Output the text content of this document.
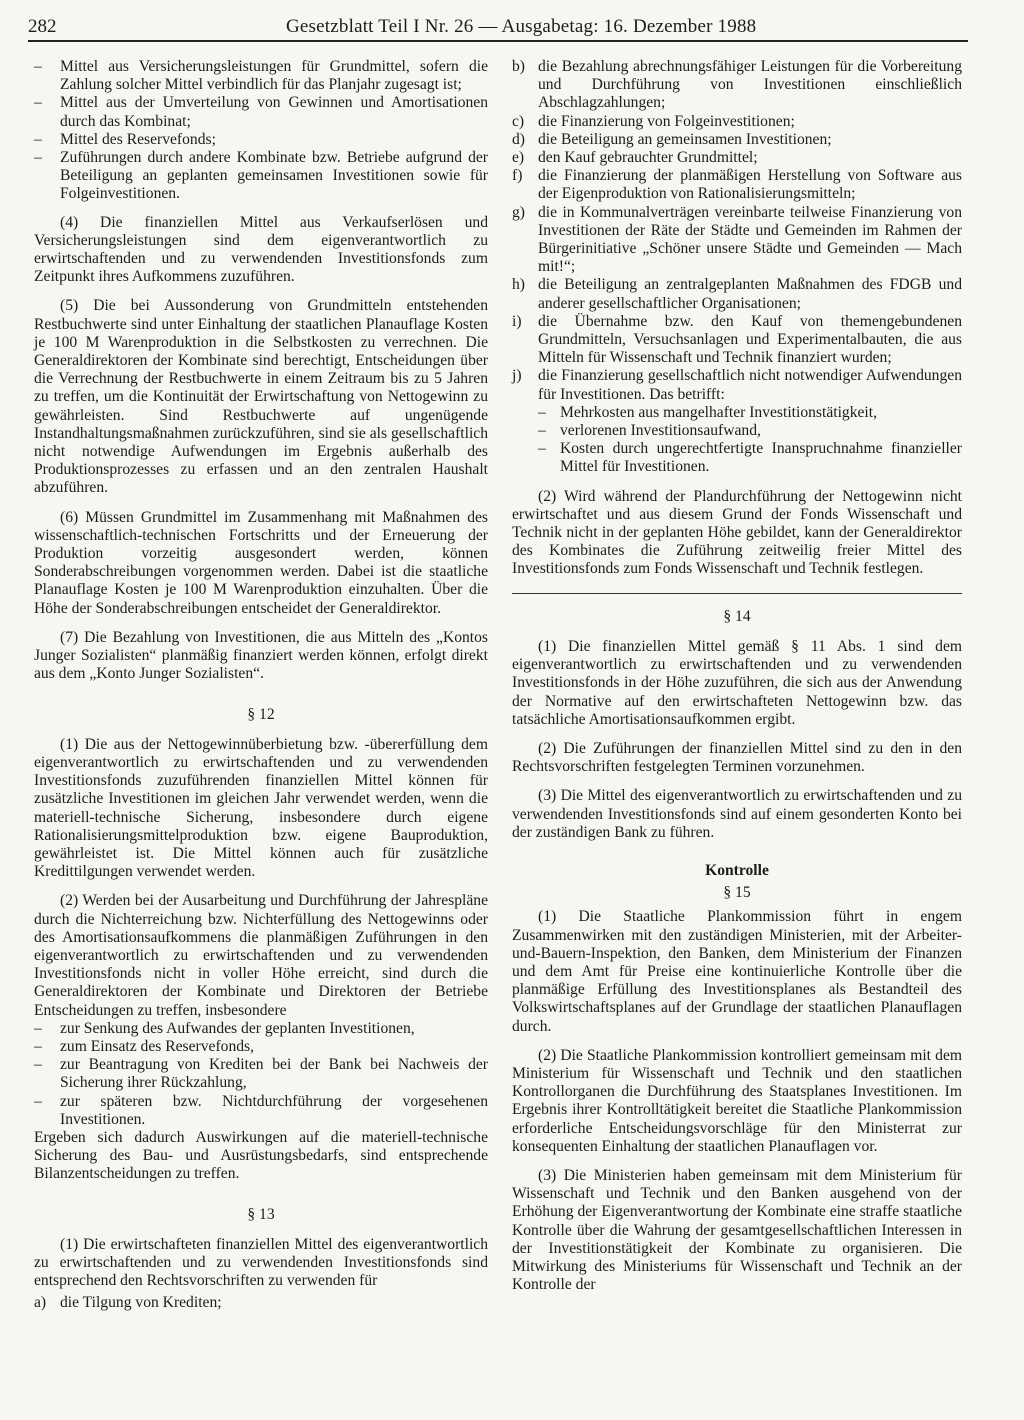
282	Gesetzblatt Teil I Nr. 26 — Ausgabetag: 16. Dezember 1988
– Mittel aus Versicherungsleistungen für Grundmittel, sofern die Zahlung solcher Mittel verbindlich für das Planjahr zugesagt ist;
– Mittel aus der Umverteilung von Gewinnen und Amortisationen durch das Kombinat;
– Mittel des Reservefonds;
– Zuführungen durch andere Kombinate bzw. Betriebe aufgrund der Beteiligung an geplanten gemeinsamen Investitionen sowie für Folgeinvestitionen.

(4) Die finanziellen Mittel aus Verkaufserlösen und Versicherungsleistungen sind dem eigenverantwortlich zu erwirtschaftenden und zu verwendenden Investitionsfonds zum Zeitpunkt ihres Aufkommens zuzuführen.

(5) Die bei Aussonderung von Grundmitteln entstehenden Restbuchwerte sind unter Einhaltung der staatlichen Planauflage Kosten je 100 M Warenproduktion in die Selbstkosten zu verrechnen. Die Generaldirektoren der Kombinate sind berechtigt, Entscheidungen über die Verrechnung der Restbuchwerte in einem Zeitraum bis zu 5 Jahren zu treffen, um die Kontinuität der Erwirtschaftung von Nettogewinn zu gewährleisten. Sind Restbuchwerte auf ungenügende Instandhaltungsmaßnahmen zurückzuführen, sind sie als gesellschaftlich nicht notwendige Aufwendungen im Ergebnis außerhalb des Produktionsprozesses zu erfassen und an den zentralen Haushalt abzuführen.

(6) Müssen Grundmittel im Zusammenhang mit Maßnahmen des wissenschaftlich-technischen Fortschritts und der Erneuerung der Produktion vorzeitig ausgesondert werden, können Sonderabschreibungen vorgenommen werden. Dabei ist die staatliche Planauflage Kosten je 100 M Warenproduktion einzuhalten. Über die Höhe der Sonderabschreibungen entscheidet der Generaldirektor.

(7) Die Bezahlung von Investitionen, die aus Mitteln des „Kontos Junger Sozialisten“ planmäßig finanziert werden können, erfolgt direkt aus dem „Konto Junger Sozialisten“.

§ 12

(1) Die aus der Nettogewinnüberbietung bzw. -übererfüllung dem eigenverantwortlich zu erwirtschaftenden und zu verwendenden Investitionsfonds zuzuführenden finanziellen Mittel können für zusätzliche Investitionen im gleichen Jahr verwendet werden, wenn die materiell-technische Sicherung, insbesondere durch eigene Rationalisierungsmittelproduktion bzw. eigene Bauproduktion, gewährleistet ist. Die Mittel können auch für zusätzliche Kredittilgungen verwendet werden.

(2) Werden bei der Ausarbeitung und Durchführung der Jahrespläne durch die Nichterreichung bzw. Nichterfüllung des Nettogewinns oder des Amortisationsaufkommens die planmäßigen Zuführungen in den eigenverantwortlich zu erwirtschaftenden und zu verwendenden Investitionsfonds nicht in voller Höhe erreicht, sind durch die Generaldirektoren der Kombinate und Direktoren der Betriebe Entscheidungen zu treffen, insbesondere

– zur Senkung des Aufwandes der geplanten Investitionen,
– zum Einsatz des Reservefonds,
– zur Beantragung von Krediten bei der Bank bei Nachweis der Sicherung ihrer Rückzahlung,
– zur späteren bzw. Nichtdurchführung der vorgesehenen Investitionen.

Ergeben sich dadurch Auswirkungen auf die materiell-technische Sicherung des Bau- und Ausrüstungsbedarfs, sind entsprechende Bilanzentscheidungen zu treffen.

§ 13

(1) Die erwirtschafteten finanziellen Mittel des eigenverantwortlich zu erwirtschaftenden und zu verwendenden Investitionsfonds sind entsprechend den Rechtsvorschriften zu verwenden für

a) die Tilgung von Krediten;
b) die Bezahlung abrechnungsfähiger Leistungen für die Vorbereitung und Durchführung von Investitionen einschließlich Abschlagzahlungen;
c) die Finanzierung von Folgeinvestitionen;
d) die Beteiligung an gemeinsamen Investitionen;
e) den Kauf gebrauchter Grundmittel;
f) die Finanzierung der planmäßigen Herstellung von Software aus der Eigenproduktion von Rationalisierungsmitteln;
g) die in Kommunalverträgen vereinbarte teilweise Finanzierung von Investitionen der Räte der Städte und Gemeinden im Rahmen der Bürgerinitiative „Schöner unsere Städte und Gemeinden — Mach mit!“;
h) die Beteiligung an zentralgeplanten Maßnahmen des FDGB und anderer gesellschaftlicher Organisationen;
i) die Übernahme bzw. den Kauf von themengebundenen Grundmitteln, Versuchsanlagen und Experimentalbauten, die aus Mitteln für Wissenschaft und Technik finanziert wurden;
j) die Finanzierung gesellschaftlich nicht notwendiger Aufwendungen für Investitionen. Das betrifft:
– Mehrkosten aus mangelhafter Investitionstätigkeit,
– verlorenen Investitionsaufwand,
– Kosten durch ungerechtfertigte Inanspruchnahme finanzieller Mittel für Investitionen.

(2) Wird während der Plandurchführung der Nettogewinn nicht erwirtschaftet und aus diesem Grund der Fonds Wissenschaft und Technik nicht in der geplanten Höhe gebildet, kann der Generaldirektor des Kombinates die Zuführung zeitweilig freier Mittel des Investitionsfonds zum Fonds Wissenschaft und Technik festlegen.

§ 14

(1) Die finanziellen Mittel gemäß § 11 Abs. 1 sind dem eigenverantwortlich zu erwirtschaftenden und zu verwendenden Investitionsfonds in der Höhe zuzuführen, die sich aus der Anwendung der Normative auf den erwirtschafteten Nettogewinn bzw. das tatsächliche Amortisationsaufkommen ergibt.

(2) Die Zuführungen der finanziellen Mittel sind zu den in den Rechtsvorschriften festgelegten Terminen vorzunehmen.

(3) Die Mittel des eigenverantwortlich zu erwirtschaftenden und zu verwendenden Investitionsfonds sind auf einem gesonderten Konto bei der zuständigen Bank zu führen.

Kontrolle
§ 15

(1) Die Staatliche Plankommission führt in engem Zusammenwirken mit den zuständigen Ministerien, mit der Arbeiter-und-Bauern-Inspektion, den Banken, dem Ministerium der Finanzen und dem Amt für Preise eine kontinuierliche Kontrolle über die planmäßige Erfüllung des Investitionsplanes als Bestandteil des Volkswirtschaftsplanes auf der Grundlage der staatlichen Planauflagen durch.

(2) Die Staatliche Plankommission kontrolliert gemeinsam mit dem Ministerium für Wissenschaft und Technik und den staatlichen Kontrollorganen die Durchführung des Staatsplanes Investitionen. Im Ergebnis ihrer Kontrolltätigkeit bereitet die Staatliche Plankommission erforderliche Entscheidungsvorschläge für den Ministerrat zur konsequenten Einhaltung der staatlichen Planauflagen vor.

(3) Die Ministerien haben gemeinsam mit dem Ministerium für Wissenschaft und Technik und den Banken ausgehend von der Erhöhung der Eigenverantwortung der Kombinate eine straffe staatliche Kontrolle über die Wahrung der gesamtgesellschaftlichen Interessen in der Investitionstätigkeit der Kombinate zu organisieren. Die Mitwirkung des Ministeriums für Wissenschaft und Technik an der Kontrolle der
